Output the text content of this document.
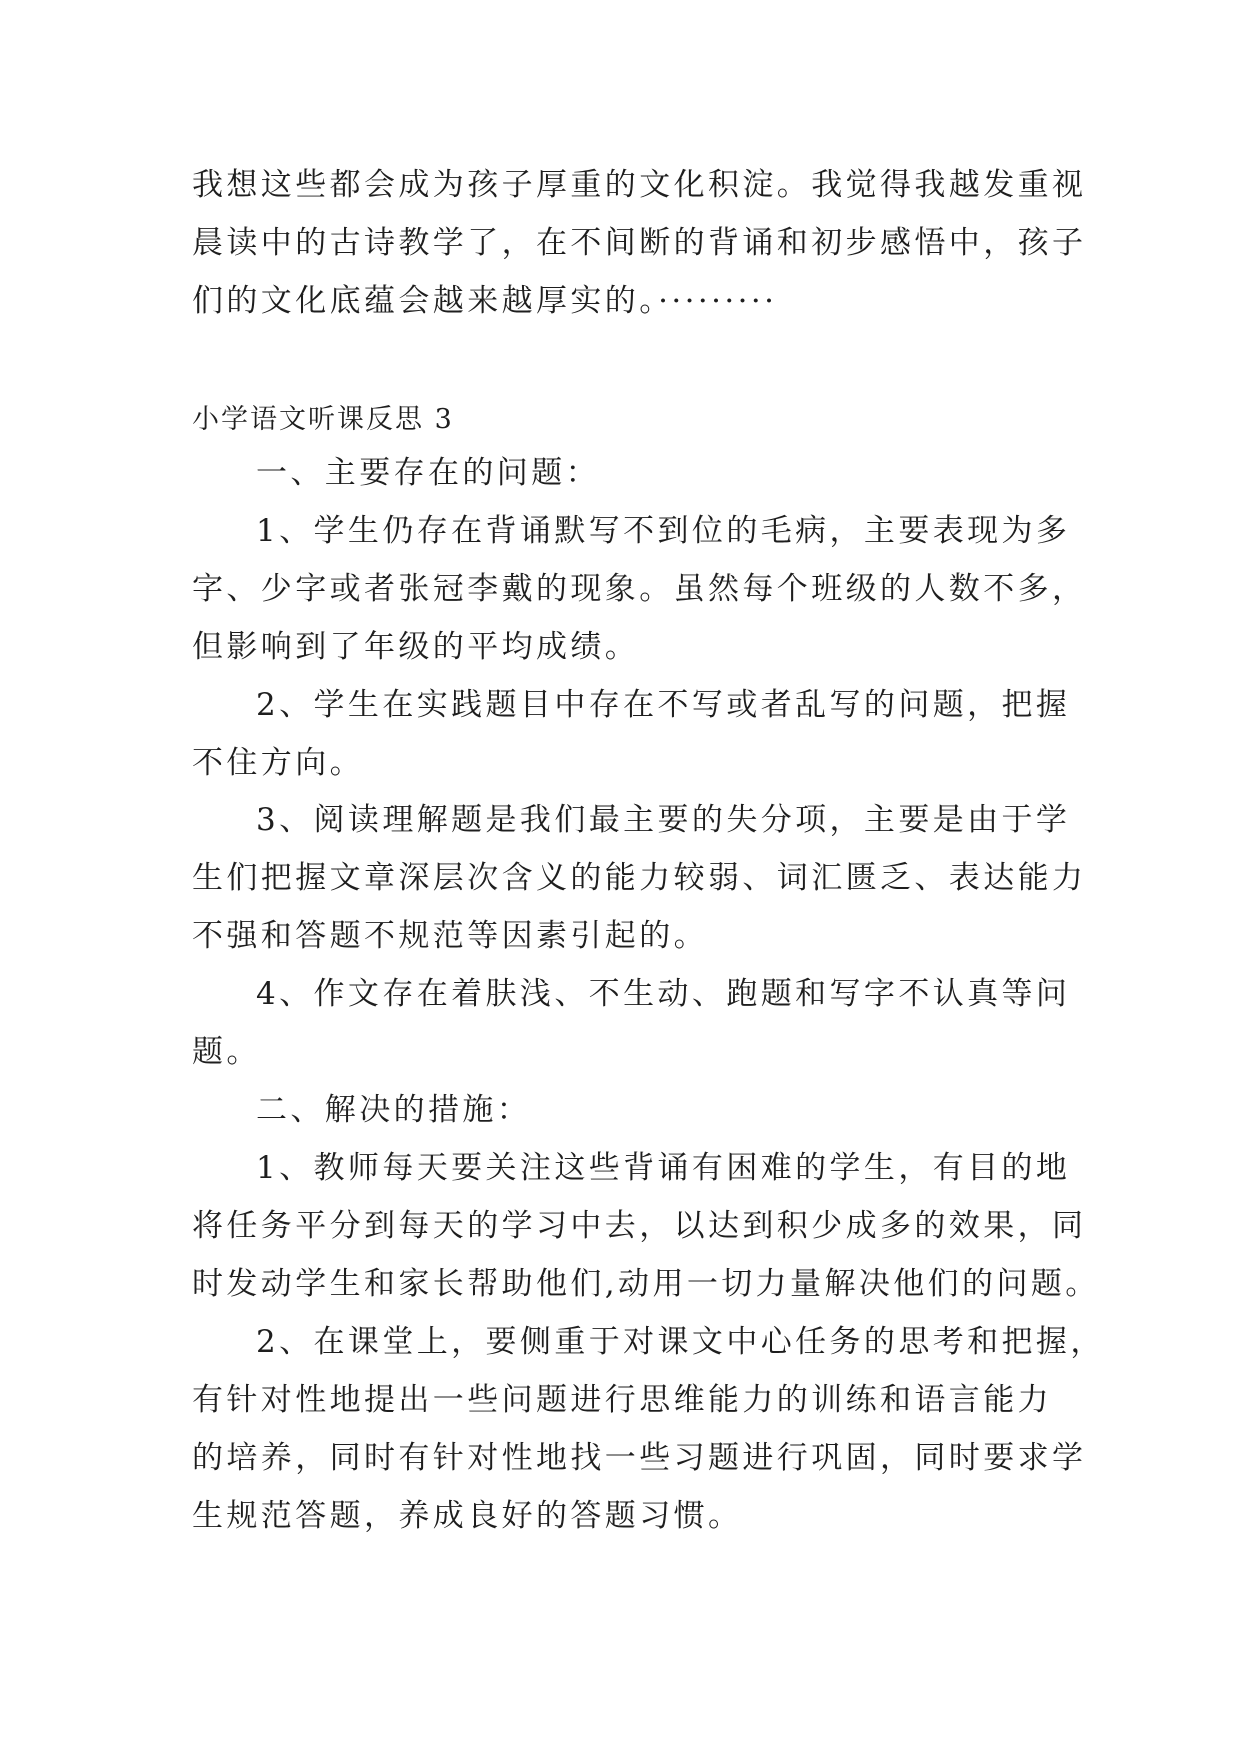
我想这些都会成为孩子厚重的文化积淀。我觉得我越发重视
晨读中的古诗教学了，在不间断的背诵和初步感悟中，孩子
们的文化底蕴会越来越厚实的。·········
小学语文听课反思 3
一、主要存在的问题：
1、学生仍存在背诵默写不到位的毛病，主要表现为多
字、少字或者张冠李戴的现象。虽然每个班级的人数不多，
但影响到了年级的平均成绩。
2、学生在实践题目中存在不写或者乱写的问题，把握
不住方向。
3、阅读理解题是我们最主要的失分项，主要是由于学
生们把握文章深层次含义的能力较弱、词汇匮乏、表达能力
不强和答题不规范等因素引起的。
4、作文存在着肤浅、不生动、跑题和写字不认真等问
题。
二、解决的措施：
1、教师每天要关注这些背诵有困难的学生，有目的地
将任务平分到每天的学习中去，以达到积少成多的效果，同
时发动学生和家长帮助他们,动用一切力量解决他们的问题。
2、在课堂上，要侧重于对课文中心任务的思考和把握，
有针对性地提出一些问题进行思维能力的训练和语言能力
的培养，同时有针对性地找一些习题进行巩固，同时要求学
生规范答题，养成良好的答题习惯。
